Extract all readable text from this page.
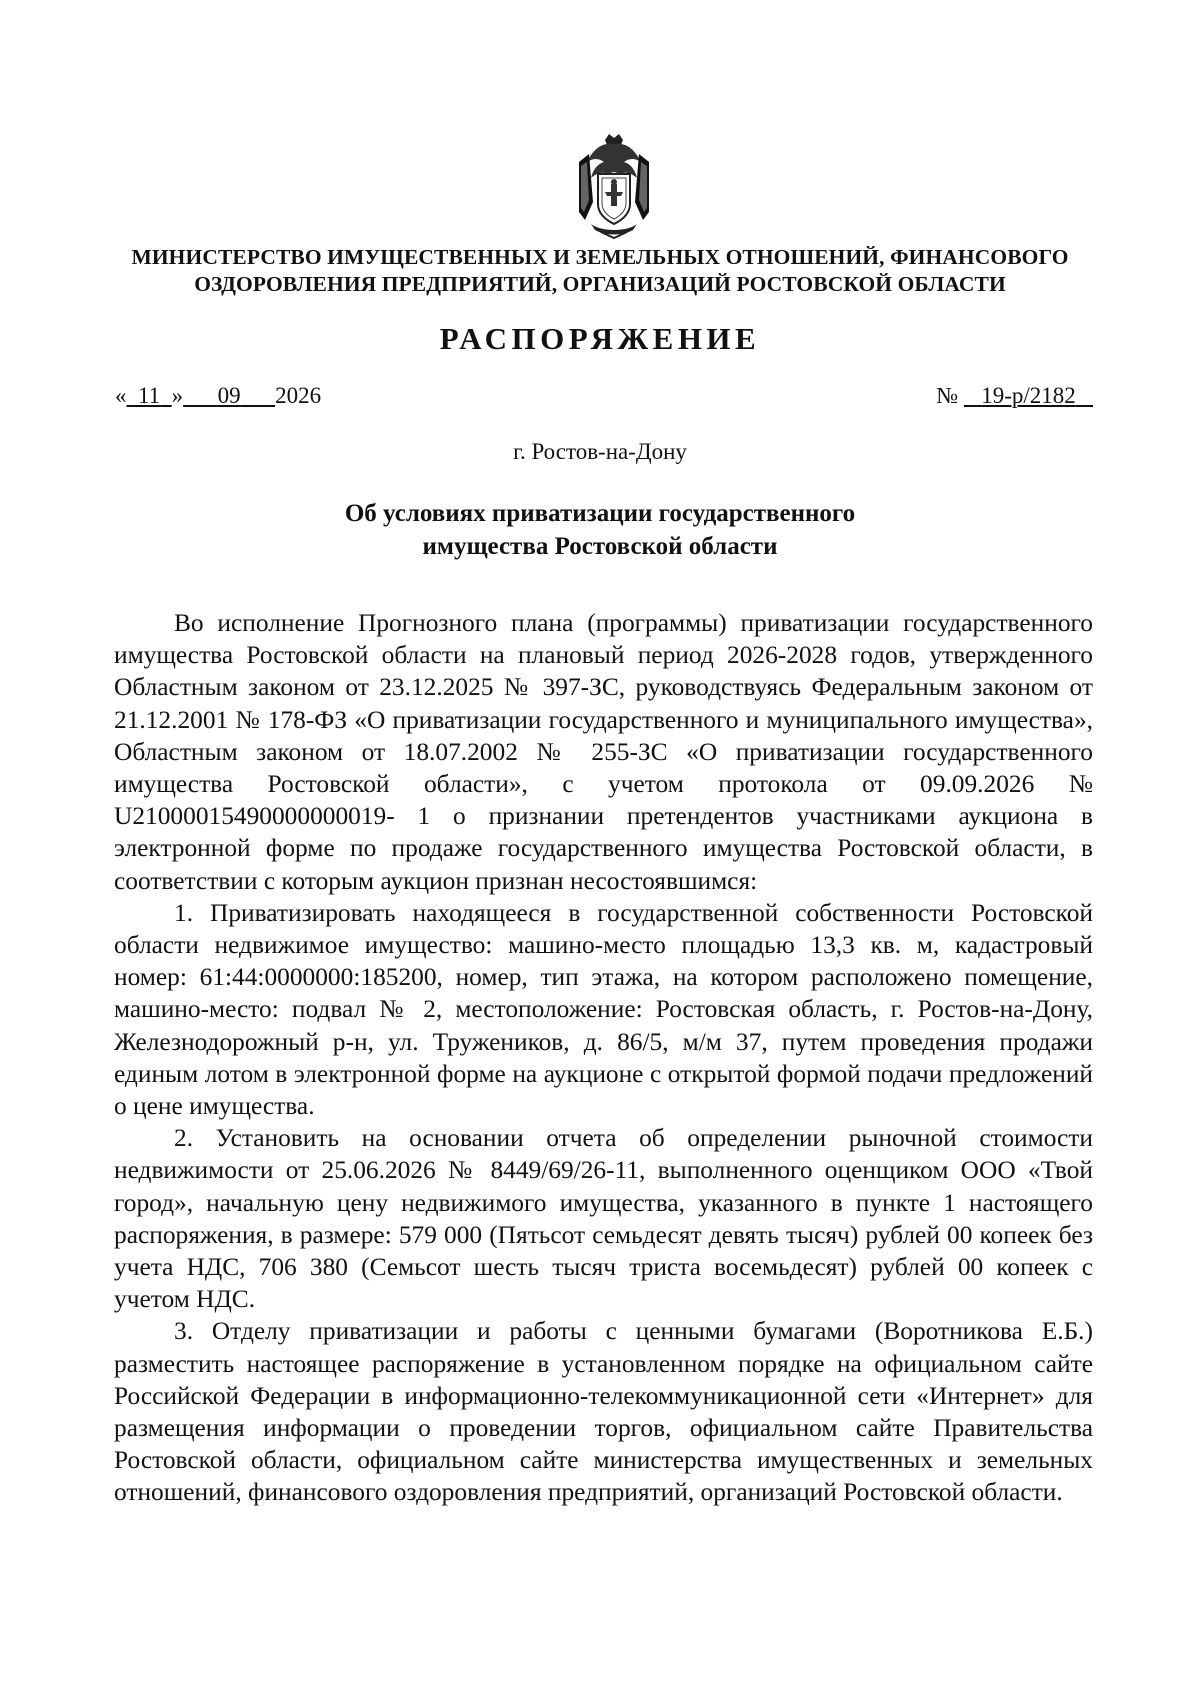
МИНИСТЕРСТВО ИМУЩЕСТВЕННЫХ И ЗЕМЕЛЬНЫХ ОТНОШЕНИЙ, ФИНАНСОВОГО
ОЗДОРОВЛЕНИЯ ПРЕДПРИЯТИЙ, ОРГАНИЗАЦИЙ РОСТОВСКОЙ ОБЛАСТИ
РАСПОРЯЖЕНИЕ
« 11 » 09 2026	№ 19-р/2182
г. Ростов-на-Дону
Об условиях приватизации государственного
имущества Ростовской области

Во исполнение Прогнозного плана (программы) приватизации государственного имущества Ростовской области на плановый период 2026-2028 годов, утвержденного Областным законом от 23.12.2025 № 397-ЗС, руководствуясь Федеральным законом от 21.12.2001 № 178-ФЗ «О приватизации государственного и муниципального имущества», Областным законом от 18.07.2002 № 255-ЗС «О приватизации государственного имущества Ростовской области», с учетом протокола от 09.09.2026 № U21000015490000000019- 1 о признании претендентов участниками аукциона в электронной форме по продаже государственного имущества Ростовской области, в соответствии с которым аукцион признан несостоявшимся:

1. Приватизировать находящееся в государственной собственности Ростовской области недвижимое имущество: машино-место площадью 13,3 кв. м, кадастровый номер: 61:44:0000000:185200, номер, тип этажа, на котором расположено помещение, машино-место: подвал № 2, местоположение: Ростовская область, г. Ростов-на-Дону, Железнодорожный р-н, ул. Тружеников, д. 86/5, м/м 37, путем проведения продажи единым лотом в электронной форме на аукционе с открытой формой подачи предложений о цене имущества.

2. Установить на основании отчета об определении рыночной стоимости недвижимости от 25.06.2026 № 8449/69/26-11, выполненного оценщиком ООО «Твой город», начальную цену недвижимого имущества, указанного в пункте 1 настоящего распоряжения, в размере: 579 000 (Пятьсот семьдесят девять тысяч) рублей 00 копеек без учета НДС, 706 380 (Семьсот шесть тысяч триста восемьдесят) рублей 00 копеек с учетом НДС.

3. Отделу приватизации и работы с ценными бумагами (Воротникова Е.Б.) разместить настоящее распоряжение в установленном порядке на официальном сайте Российской Федерации в информационно-телекоммуникационной сети «Интернет» для размещения информации о проведении торгов, официальном сайте Правительства Ростовской области, официальном сайте министерства имущественных и земельных отношений, финансового оздоровления предприятий, организаций Ростовской области.
